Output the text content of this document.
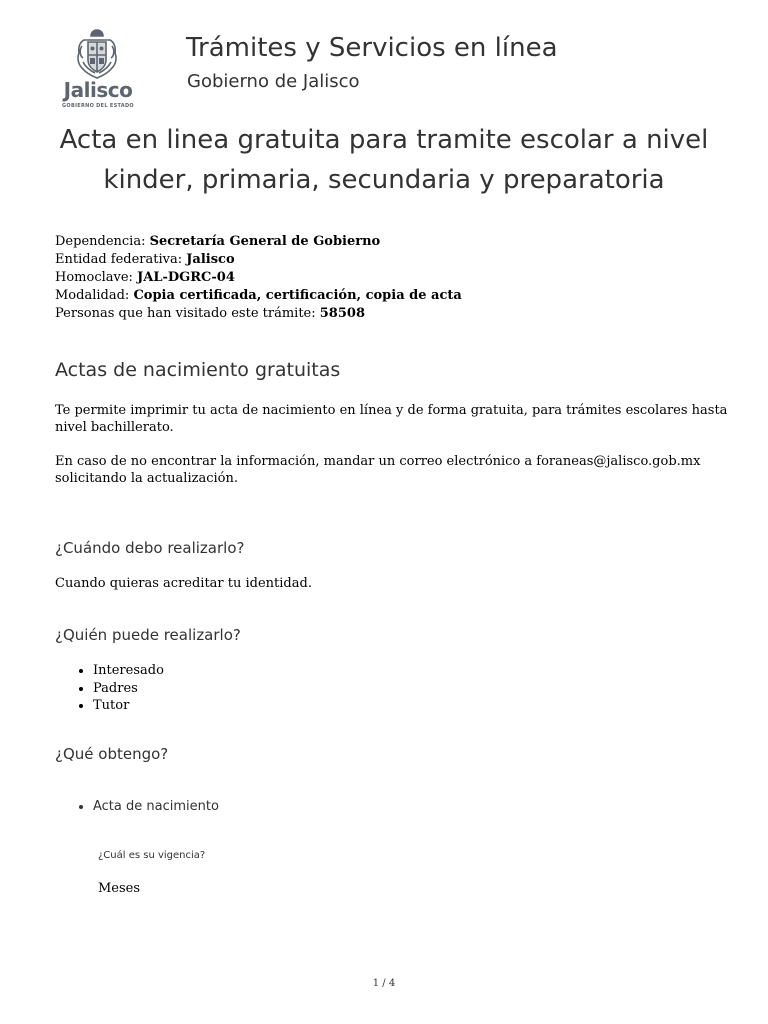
Jalisco
GOBIERNO DEL ESTADO
Trámites y Servicios en línea
Gobierno de Jalisco
Acta en linea gratuita para tramite escolar a nivel kinder, primaria, secundaria y preparatoria
Dependencia: Secretaría General de Gobierno
Entidad federativa: Jalisco
Homoclave: JAL-DGRC-04
Modalidad: Copia certificada, certificación, copia de acta
Personas que han visitado este trámite: 58508
Actas de nacimiento gratuitas
Te permite imprimir tu acta de nacimiento en línea y de forma gratuita, para trámites escolares hasta nivel bachillerato.
En caso de no encontrar la información, mandar un correo electrónico a foraneas@jalisco.gob.mx solicitando la actualización.
¿Cuándo debo realizarlo?
Cuando quieras acreditar tu identidad.
¿Quién puede realizarlo?
• Interesado
• Padres
• Tutor
¿Qué obtengo?
• Acta de nacimiento
¿Cuál es su vigencia?
Meses
1 / 4
